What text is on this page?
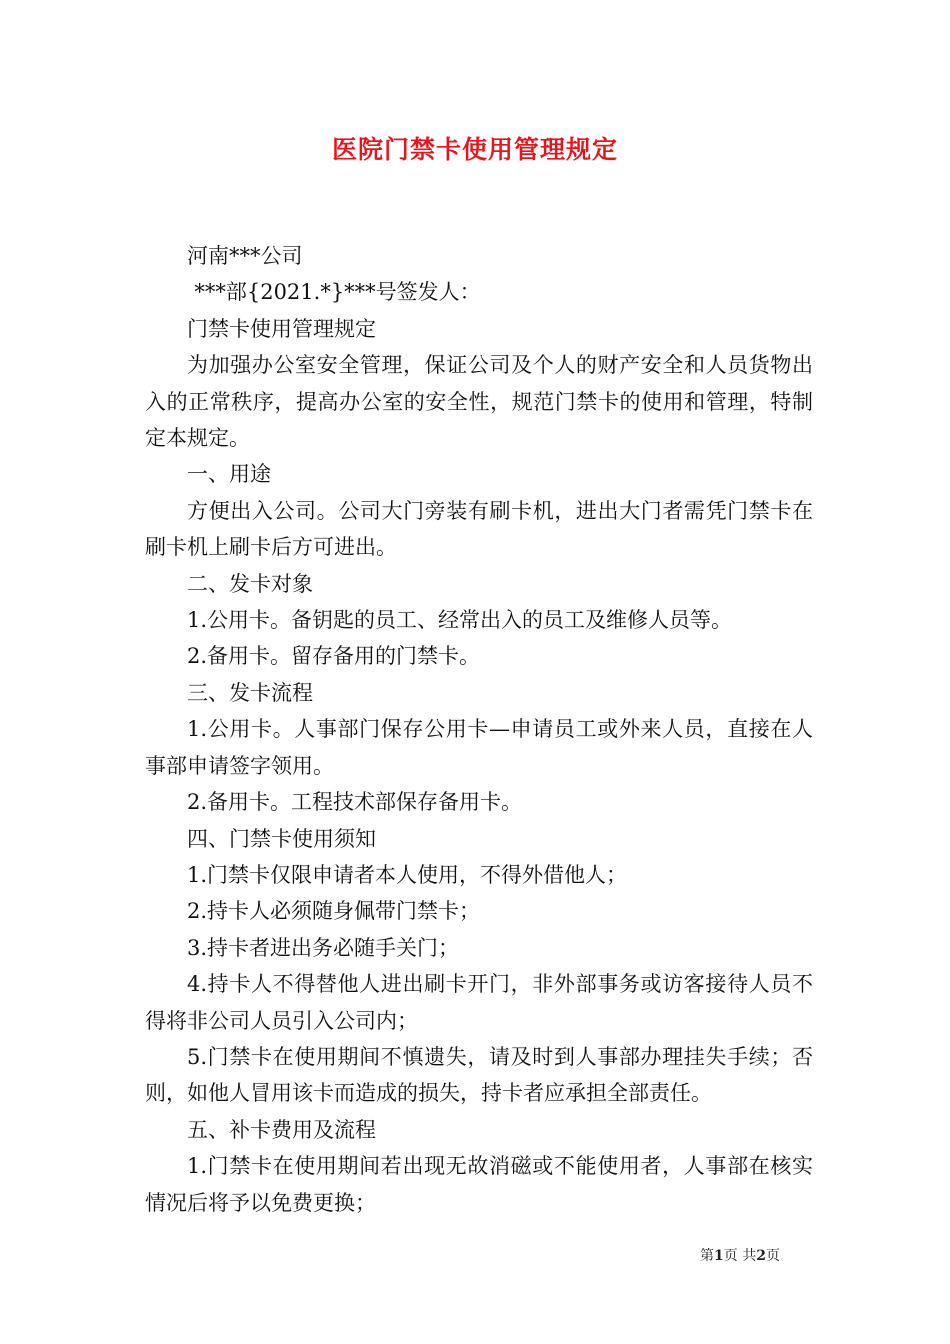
医院门禁卡使用管理规定

河南***公司

***部{2021.*}***号签发人：

门禁卡使用管理规定

为加强办公室安全管理，保证公司及个人的财产安全和人员货物出入的正常秩序，提高办公室的安全性，规范门禁卡的使用和管理，特制定本规定。

一、用途

方便出入公司。公司大门旁装有刷卡机，进出大门者需凭门禁卡在刷卡机上刷卡后方可进出。

二、发卡对象

1.公用卡。备钥匙的员工、经常出入的员工及维修人员等。

2.备用卡。留存备用的门禁卡。

三、发卡流程

1.公用卡。人事部门保存公用卡—申请员工或外来人员，直接在人事部申请签字领用。

2.备用卡。工程技术部保存备用卡。

四、门禁卡使用须知

1.门禁卡仅限申请者本人使用，不得外借他人；

2.持卡人必须随身佩带门禁卡；

3.持卡者进出务必随手关门；

4.持卡人不得替他人进出刷卡开门，非外部事务或访客接待人员不得将非公司人员引入公司内；

5.门禁卡在使用期间不慎遗失，请及时到人事部办理挂失手续；否则，如他人冒用该卡而造成的损失，持卡者应承担全部责任。

五、补卡费用及流程

1.门禁卡在使用期间若出现无故消磁或不能使用者，人事部在核实情况后将予以免费更换；

第1页 共2页
